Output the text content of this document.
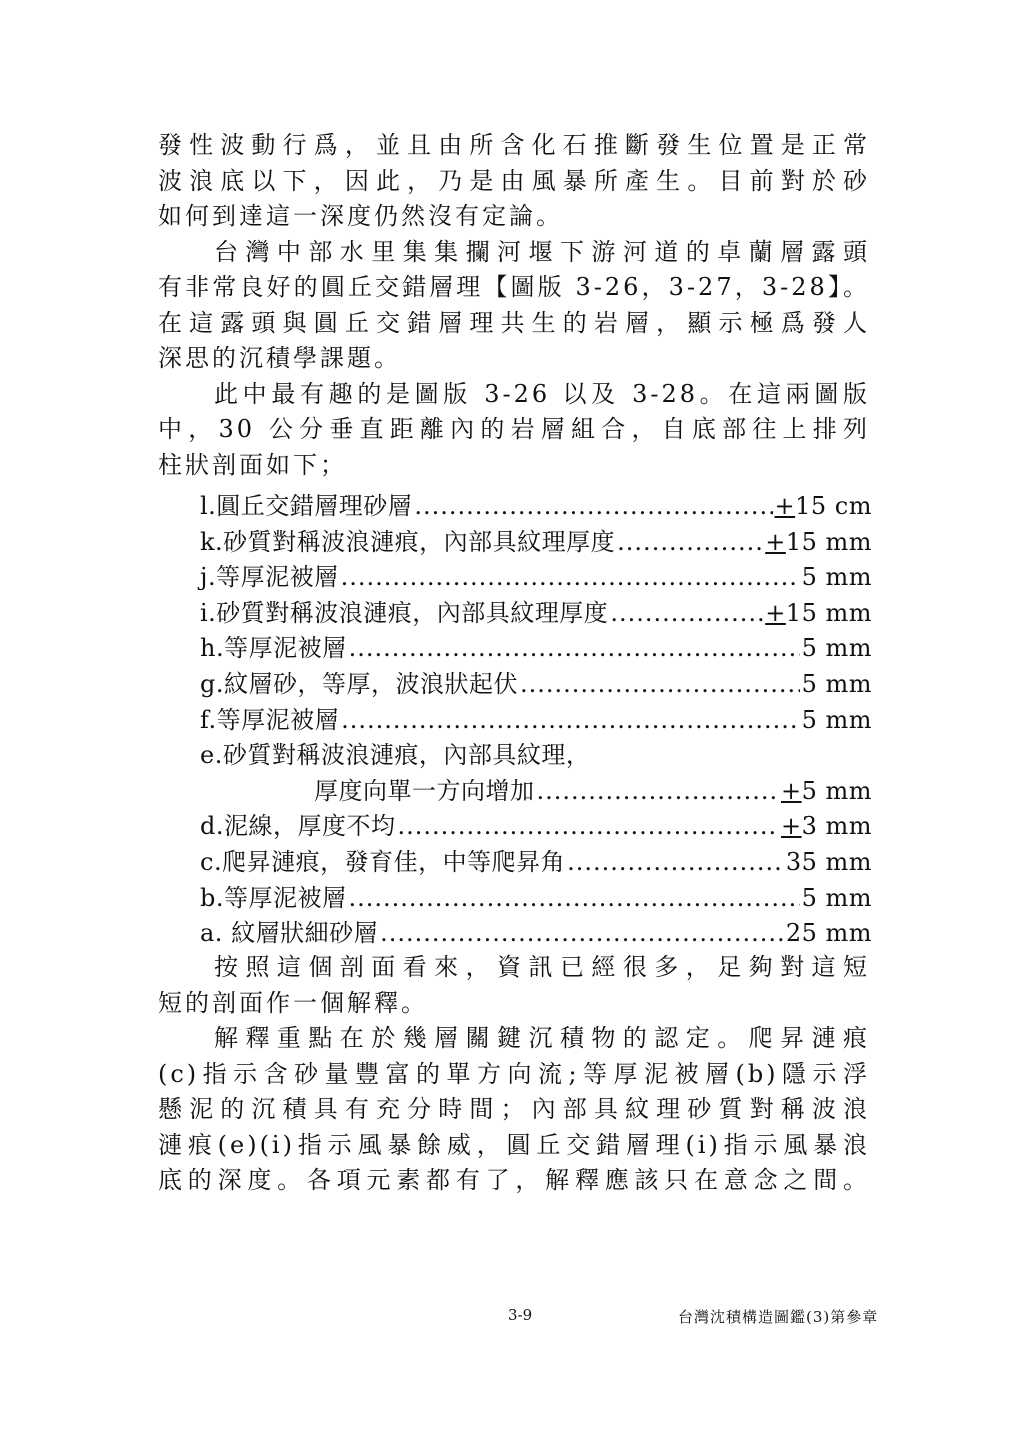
發性波動行爲，並且由所含化石推斷發生位置是正常

波浪底以下，因此，乃是由風暴所產生。目前對於砂

如何到達這一深度仍然沒有定論。

台灣中部水里集集攔河堰下游河道的卓蘭層露頭

有非常良好的圓丘交錯層理【圖版 3-26，3-27，3-28】。

在這露頭與圓丘交錯層理共生的岩層，顯示極爲發人

深思的沉積學課題。

此中最有趣的是圖版 3-26 以及 3-28。在這兩圖版

中，30 公分垂直距離內的岩層組合，自底部往上排列

柱狀剖面如下；

l.圓丘交錯層理砂層 .....	+15 cm
k.砂質對稱波浪漣痕，內部具紋理厚度 .....	+15 mm
j.等厚泥被層 .....	5 mm
i.砂質對稱波浪漣痕，內部具紋理厚度 .....	+15 mm
h.等厚泥被層 .....	5 mm
g.紋層砂，等厚，波浪狀起伏 .....	5 mm
f.等厚泥被層 .....	5 mm
e.砂質對稱波浪漣痕，內部具紋理，
厚度向單一方向增加 .....	+5 mm
d.泥線，厚度不均 .....	+3 mm
c.爬昇漣痕，發育佳，中等爬昇角 .....	35 mm
b.等厚泥被層 .....	5 mm
a. 紋層狀細砂層 .....	25 mm

按照這個剖面看來，資訊已經很多，足夠對這短

短的剖面作一個解釋。

解釋重點在於幾層關鍵沉積物的認定。爬昇漣痕

(c)指示含砂量豐富的單方向流;等厚泥被層(b)隱示浮

懸泥的沉積具有充分時間；內部具紋理砂質對稱波浪

漣痕(e)(i)指示風暴餘威，圓丘交錯層理(i)指示風暴浪

底的深度。各項元素都有了，解釋應該只在意念之間。

3-9	台灣沈積構造圖鑑(3)第參章
